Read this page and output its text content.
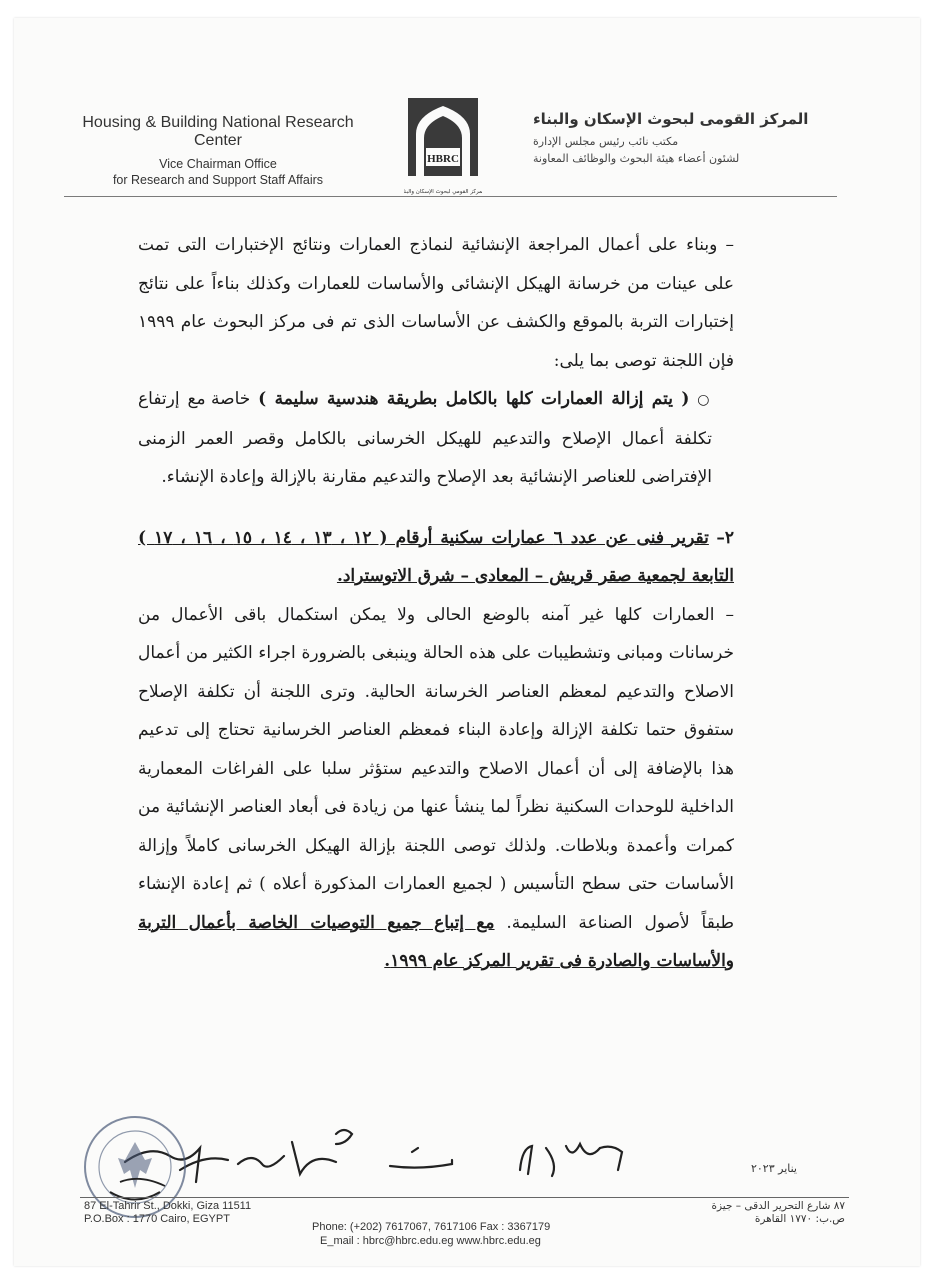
Housing & Building National Research Center
Vice Chairman Office
for Research and Support Staff Affairs
HBRC
المركز القومي لبحوث الإسكان والبناء
المركز القومى لبحوث الإسكان والبناء
مكتب نائب رئيس مجلس الإدارة
لشئون أعضاء هيئة البحوث والوظائف المعاونة

– وبناء على أعمال المراجعة الإنشائية لنماذج العمارات ونتائج الإختبارات التى تمت على عينات من خرسانة الهيكل الإنشائى والأساسات للعمارات وكذلك بناءاً على نتائج إختبارات التربة بالموقع والكشف عن الأساسات الذى تم فى مركز البحوث عام ١٩٩٩ فإن اللجنة توصى بما يلى:

○ ( يتم إزالة العمارات كلها بالكامل بطريقة هندسية سليمة ) خاصة مع إرتفاع تكلفة أعمال الإصلاح والتدعيم للهيكل الخرسانى بالكامل وقصر العمر الزمنى الإفتراضى للعناصر الإنشائية بعد الإصلاح والتدعيم مقارنة بالإزالة وإعادة الإنشاء.

٢– تقرير فنى عن عدد ٦ عمارات سكنية أرقام ( ١٢ ، ١٣ ، ١٤ ، ١٥ ، ١٦ ، ١٧ ) التابعة لجمعية صقر قريش – المعادى – شرق الاتوستراد.

– العمارات كلها غير آمنه بالوضع الحالى ولا يمكن استكمال باقى الأعمال من خرسانات ومبانى وتشطيبات على هذه الحالة وينبغى بالضرورة اجراء الكثير من أعمال الاصلاح والتدعيم لمعظم العناصر الخرسانة الحالية. وترى اللجنة أن تكلفة الإصلاح ستفوق حتما تكلفة الإزالة وإعادة البناء فمعظم العناصر الخرسانية تحتاج إلى تدعيم هذا بالإضافة إلى أن أعمال الاصلاح والتدعيم ستؤثر سلبا على الفراغات المعمارية الداخلية للوحدات السكنية نظراً لما ينشأ عنها من زيادة فى أبعاد العناصر الإنشائية من كمرات وأعمدة وبلاطات. ولذلك توصى اللجنة بإزالة الهيكل الخرسانى كاملاً وإزالة الأساسات حتى سطح التأسيس ( لجميع العمارات المذكورة أعلاه ) ثم إعادة الإنشاء طبقاً لأصول الصناعة السليمة. مع إتباع جميع التوصيات الخاصة بأعمال التربة والأساسات والصادرة فى تقرير المركز عام ١٩٩٩.

يناير ٢٠٢٣
87 El-Tahrir St., Dokki, Giza 11511
P.O.Box : 1770 Cairo, EGYPT
Phone: (+202) 7617067, 7617106 Fax : 3367179
E_mail : hbrc@hbrc.edu.eg www.hbrc.edu.eg
٨٧ شارع التحرير الدقى – جيزة
ص.ب: ١٧٧٠ القاهرة
